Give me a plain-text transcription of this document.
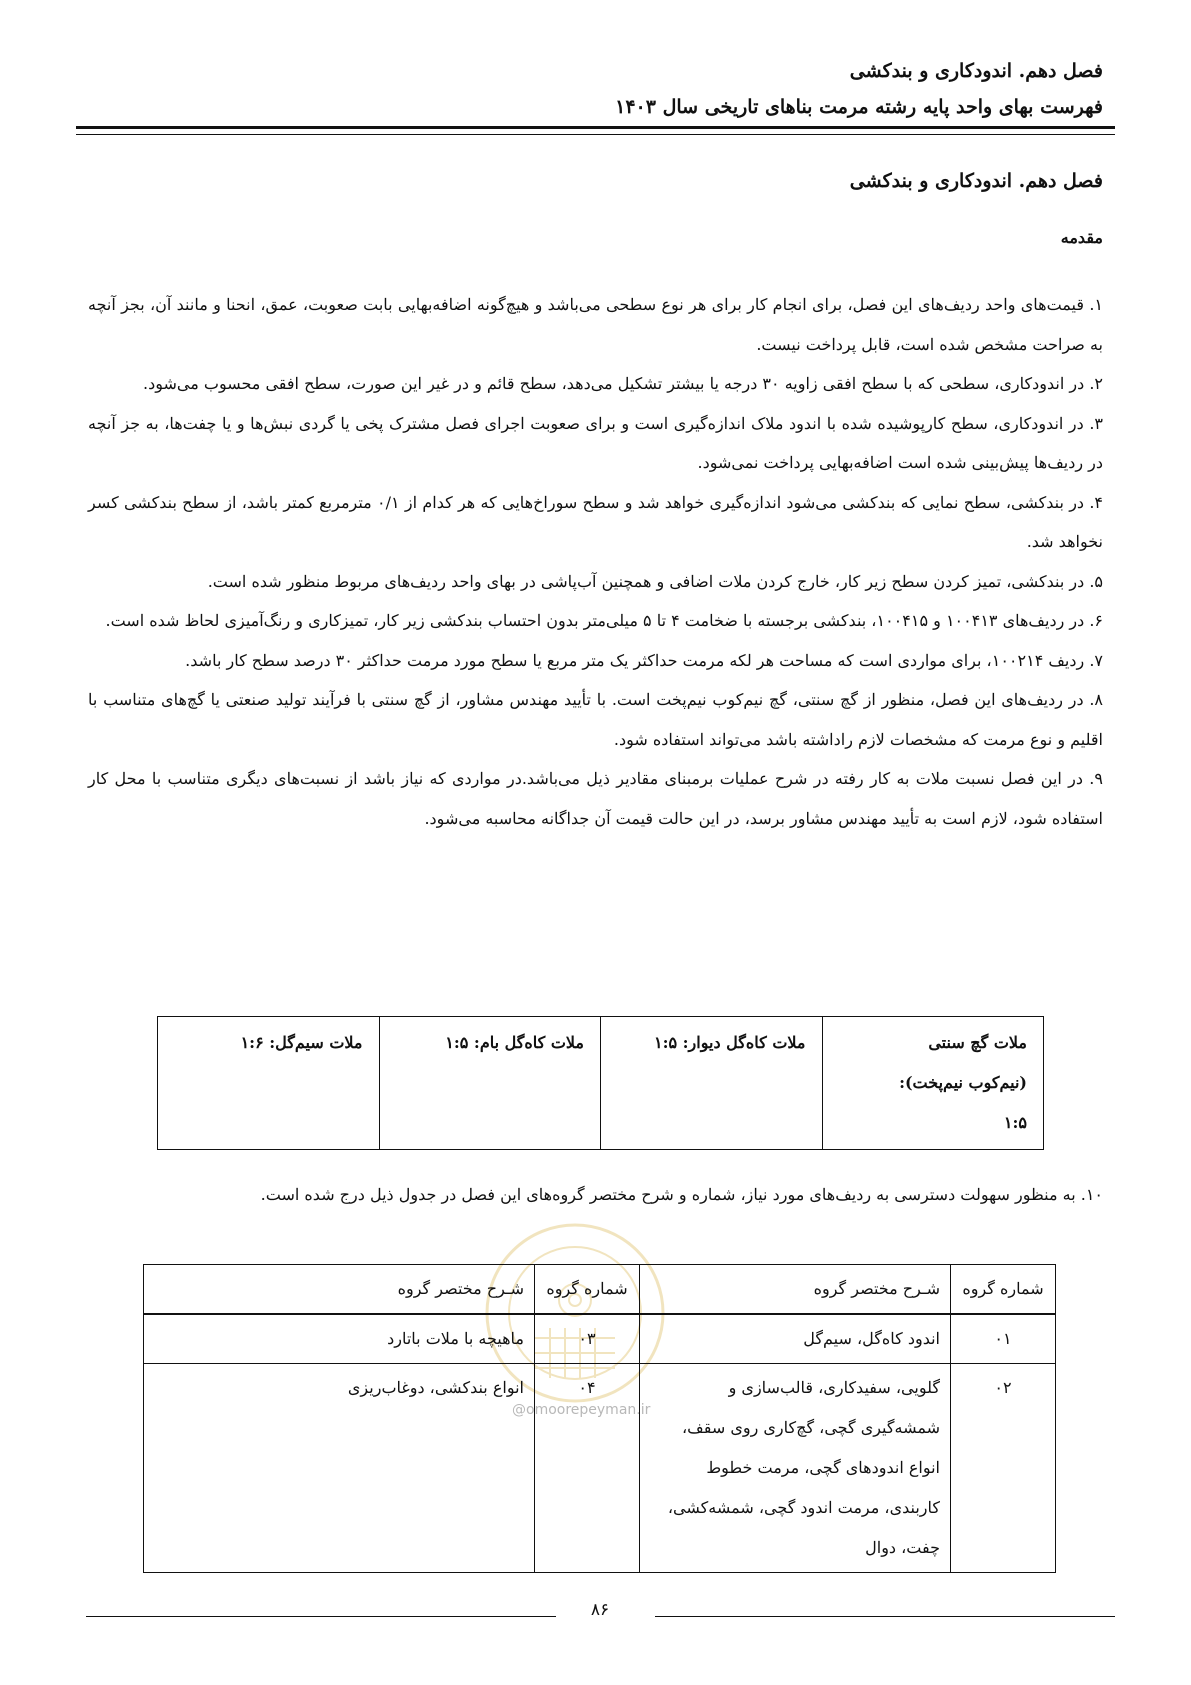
فصل دهم. اندودکاری و بندکشی
فهرست بهای واحد پایه رشته مرمت بناهای تاریخی سال ۱۴۰۳
فصل دهم. اندودکاری و بندکشی
مقدمه

۱. قیمت‌های واحد ردیف‌های این فصل، برای انجام کار برای هر نوع سطحی می‌باشد و هیچ‌گونه اضافه‌بهایی بابت صعوبت، عمق، انحنا و مانند آن، بجز آنچه به صراحت مشخص شده است، قابل پرداخت نیست.

۲. در اندودکاری، سطحی که با سطح افقی زاویه ۳۰ درجه یا بیشتر تشکیل می‌دهد، سطح قائم و در غیر این صورت، سطح افقی محسوب می‌شود.

۳. در اندودکاری، سطح کارپوشیده شده با اندود ملاک اندازه‌گیری است و برای صعوبت اجرای فصل مشترک پخی یا گردی نبش‌ها و یا چفت‌ها، به جز آنچه در ردیف‌ها پیش‌بینی شده است اضافه‌بهایی پرداخت نمی‌شود.

۴. در بندکشی، سطح نمایی که بندکشی می‌شود اندازه‌گیری خواهد شد و سطح سوراخ‌هایی که هر کدام از ۰/۱ مترمربع کمتر باشد، از سطح بندکشی کسر نخواهد شد.

۵. در بندکشی، تمیز کردن سطح زیر کار، خارج کردن ملات اضافی و همچنین آب‌پاشی در بهای واحد ردیف‌های مربوط منظور شده است.

۶. در ردیف‌های ۱۰۰۴۱۳ و ۱۰۰۴۱۵، بندکشی برجسته با ضخامت ۴ تا ۵ میلی‌متر بدون احتساب بندکشی زیر کار، تمیزکاری و رنگ‌آمیزی لحاظ شده است.

۷. ردیف ۱۰۰۲۱۴، برای مواردی است که مساحت هر لکه مرمت حداکثر یک متر مربع یا سطح مورد مرمت حداکثر ۳۰ درصد سطح کار باشد.

۸. در ردیف‌های این فصل، منظور از گچ سنتی، گچ نیم‌کوب نیم‌پخت است. با تأیید مهندس مشاور، از گچ سنتی با فرآیند تولید صنعتی یا گچ‌های متناسب با اقلیم و نوع مرمت که مشخصات لازم راداشته باشد می‌تواند استفاده شود.

۹. در این فصل نسبت ملات به کار رفته در شرح عملیات برمبنای مقادیر ذیل می‌باشد.در مواردی که نیاز باشد از نسبت‌های دیگری متناسب با محل کار استفاده شود، لازم است به تأیید مهندس مشاور برسد، در این حالت قیمت آن جداگانه محاسبه می‌شود.

ملات گچ سنتی
(نیم‌کوب نیم‌پخت):
۱:۵
	ملات کاه‌گل دیوار: ۱:۵	ملات کاه‌گل بام: ۱:۵	ملات سیم‌گل: ۱:۶
۱۰. به منظور سهولت دسترسی به ردیف‌های مورد نیاز، شماره و شرح مختصر گروه‌های این فصل در جدول ذیل درج شده است.
@omoorepeyman.ir
شماره گروه	شـرح مختصر گروه	شماره گروه	شـرح مختصر گروه
۰۱	اندود کاه‌گل، سیم‌گل	۰۳	ماهیچه با ملات باتارد
۰۲	گلویی، سفیدکاری، قالب‌سازی و شمشه‌گیری گچی، گچ‌کاری روی سقف، انواع اندودهای گچی، مرمت خطوط کاربندی، مرمت اندود گچی، شمشه‌کشی، چفت، دوال	۰۴	انواع بندکشی، دوغاب‌ریزی
۸۶
